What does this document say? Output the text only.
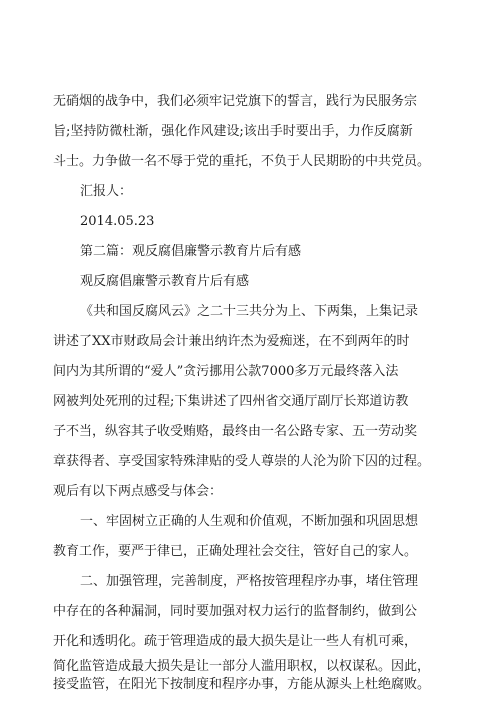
无硝烟的战争中，我们必须牢记党旗下的誓言，践行为民服务宗
旨;坚持防微杜渐，强化作风建设;该出手时要出手，力作反腐新
斗士。力争做一名不辱于党的重托，不负于人民期盼的中共党员。
汇报人：
2014.05.23
第二篇：观反腐倡廉警示教育片后有感
观反腐倡廉警示教育片后有感
《共和国反腐风云》之二十三共分为上、下两集，上集记录
讲述了XX市财政局会计兼出纳许杰为爱痴迷，在不到两年的时
间内为其所谓的“爱人”贪污挪用公款7000多万元最终落入法
网被判处死刑的过程;下集讲述了四州省交通厅副厅长郑道访教
子不当，纵容其子收受贿赂，最终由一名公路专家、五一劳动奖
章获得者、享受国家特殊津贴的受人尊崇的人沦为阶下囚的过程。
观后有以下两点感受与体会：
一、牢固树立正确的人生观和价值观，不断加强和巩固思想
教育工作，要严于律已，正确处理社会交往，管好自己的家人。
二、加强管理，完善制度，严格按管理程序办事，堵住管理
中存在的各种漏洞，同时要加强对权力运行的监督制约，做到公
开化和透明化。疏于管理造成的最大损失是让一些人有机可乘，
简化监管造成最大损失是让一部分人滥用职权，以权谋私。因此，
接受监管，在阳光下按制度和程序办事，方能从源头上杜绝腐败。
